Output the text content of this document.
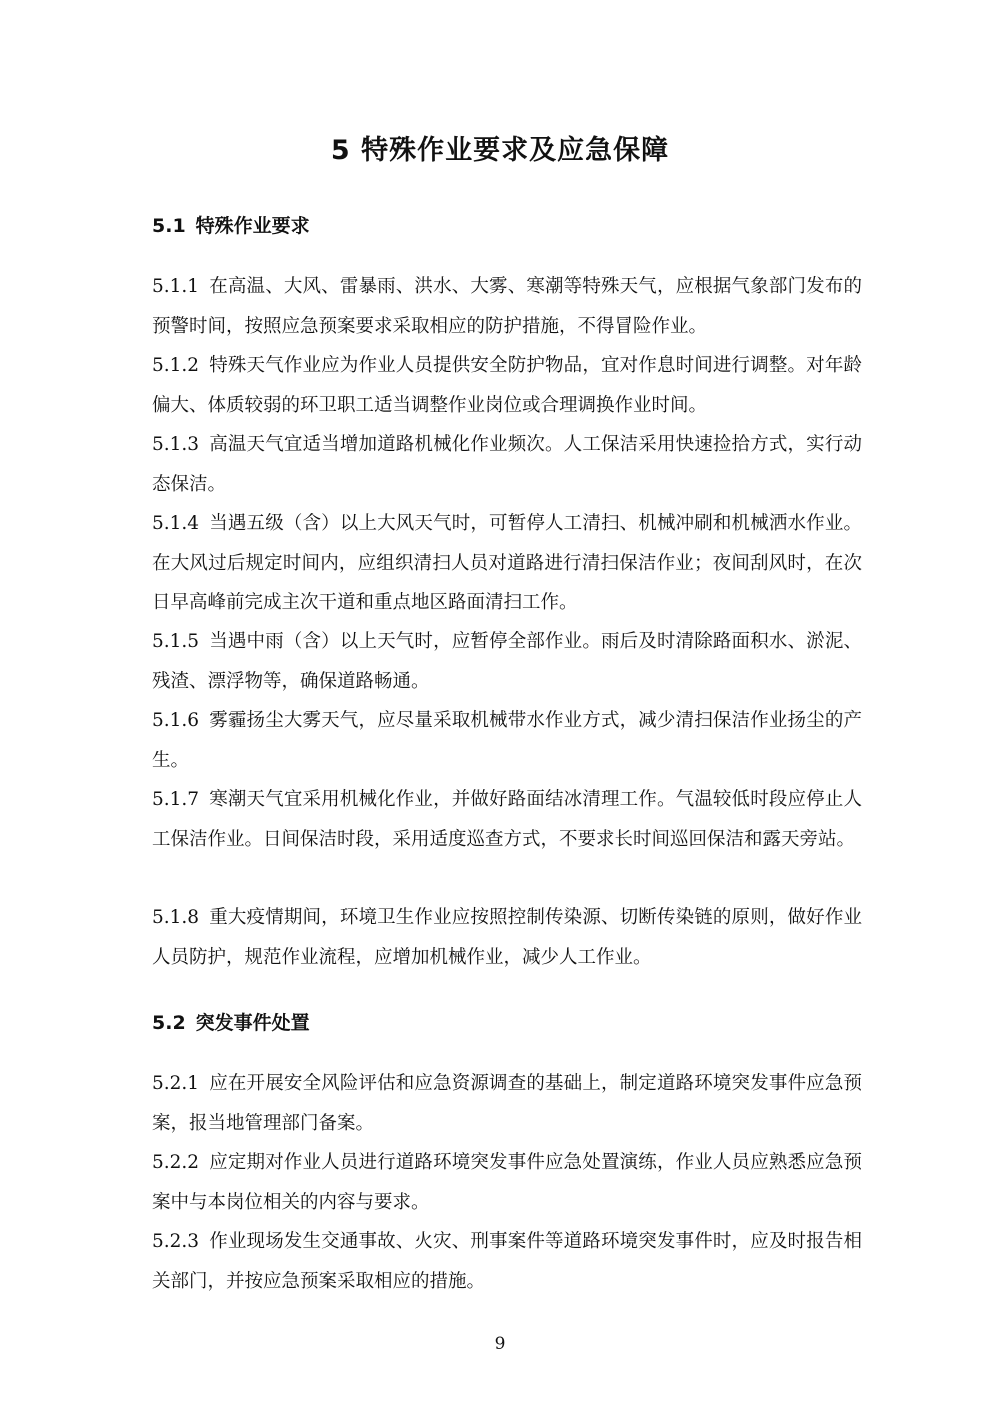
5 特殊作业要求及应急保障
5.1 特殊作业要求

5.1.1 在高温、大风、雷暴雨、洪水、大雾、寒潮等特殊天气，应根据气象部门发布的预警时间，按照应急预案要求采取相应的防护措施，不得冒险作业。

5.1.2 特殊天气作业应为作业人员提供安全防护物品，宜对作息时间进行调整。对年龄偏大、体质较弱的环卫职工适当调整作业岗位或合理调换作业时间。

5.1.3 高温天气宜适当增加道路机械化作业频次。人工保洁采用快速捡拾方式，实行动态保洁。

5.1.4 当遇五级（含）以上大风天气时，可暂停人工清扫、机械冲刷和机械洒水作业。在大风过后规定时间内，应组织清扫人员对道路进行清扫保洁作业；夜间刮风时，在次日早高峰前完成主次干道和重点地区路面清扫工作。

5.1.5 当遇中雨（含）以上天气时，应暂停全部作业。雨后及时清除路面积水、淤泥、残渣、漂浮物等，确保道路畅通。

5.1.6 雾霾扬尘大雾天气，应尽量采取机械带水作业方式，减少清扫保洁作业扬尘的产生。

5.1.7 寒潮天气宜采用机械化作业，并做好路面结冰清理工作。气温较低时段应停止人工保洁作业。日间保洁时段，采用适度巡查方式，不要求长时间巡回保洁和露天旁站。

5.1.8 重大疫情期间，环境卫生作业应按照控制传染源、切断传染链的原则，做好作业人员防护，规范作业流程，应增加机械作业，减少人工作业。

5.2 突发事件处置

5.2.1 应在开展安全风险评估和应急资源调查的基础上，制定道路环境突发事件应急预案，报当地管理部门备案。

5.2.2 应定期对作业人员进行道路环境突发事件应急处置演练，作业人员应熟悉应急预案中与本岗位相关的内容与要求。

5.2.3 作业现场发生交通事故、火灾、刑事案件等道路环境突发事件时，应及时报告相关部门，并按应急预案采取相应的措施。

9
